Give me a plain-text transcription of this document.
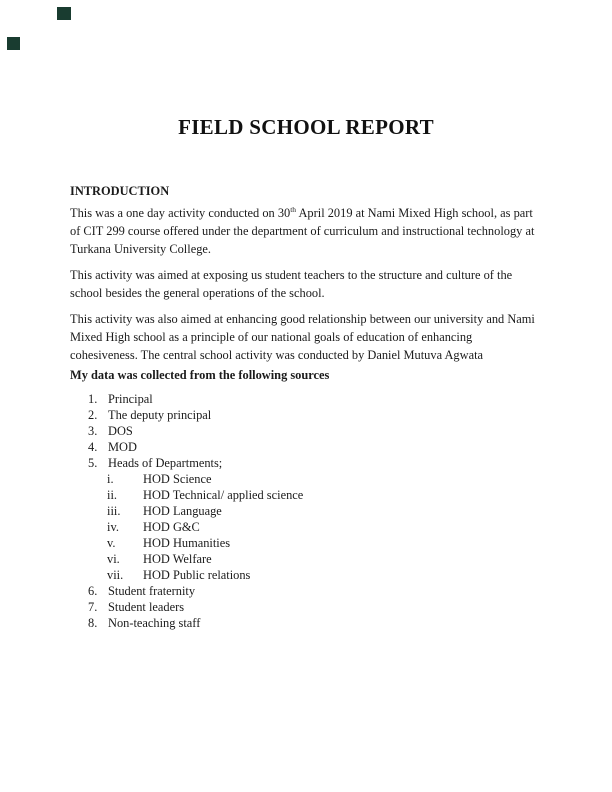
FIELD SCHOOL REPORT
INTRODUCTION
This was a one day activity conducted on 30th April 2019 at Nami Mixed High school, as part of CIT 299 course offered under the department of curriculum and instructional technology at Turkana University College.
This activity was aimed at exposing us student teachers to the structure and culture of the school besides the general operations of the school.
This activity was also aimed at enhancing good relationship between our university and Nami Mixed High school as a principle of our national goals of education of enhancing cohesiveness. The central school activity was conducted by Daniel Mutuva Agwata
My data was collected from the following sources
1. Principal
2. The deputy principal
3. DOS
4. MOD
5. Heads of Departments;
i.	HOD Science
ii.	HOD Technical/ applied science
iii.	HOD Language
iv.	HOD G&C
v.	HOD Humanities
vi.	HOD Welfare
vii.	HOD Public relations
6. Student fraternity
7. Student leaders
8. Non-teaching staff
